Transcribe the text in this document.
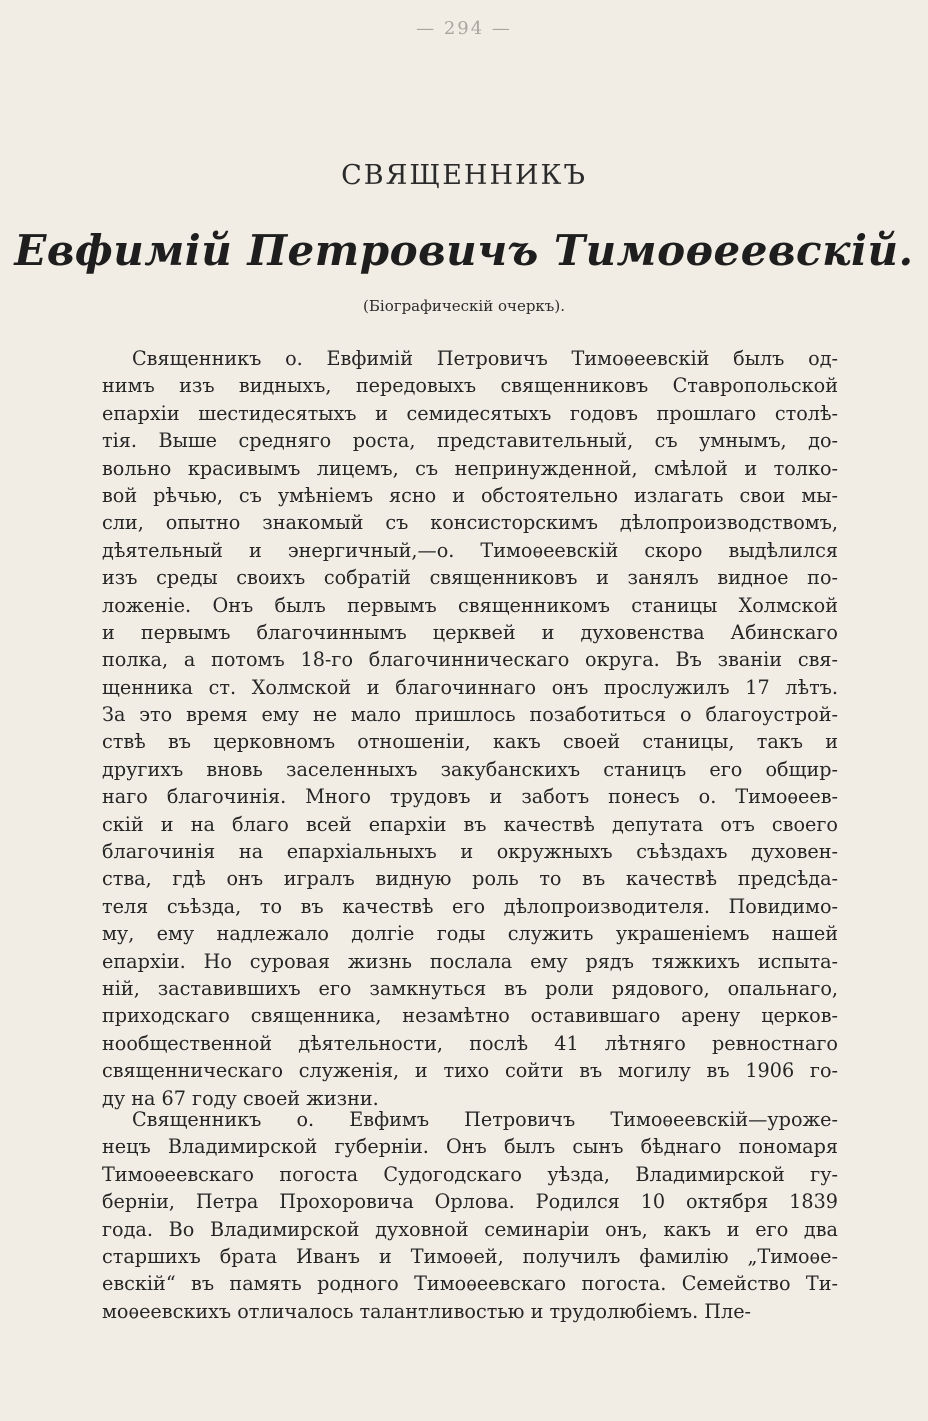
— 294 —
СВЯЩЕННИКЪ
Евфимій Петровичъ Тимоѳеевскій.
(Біографическій очеркъ).
Священникъ о. Евфимій Петровичъ Тимоѳеевскій былъ од-
нимъ изъ видныхъ, передовыхъ священниковъ Ставропольской
епархіи шестидесятыхъ и семидесятыхъ годовъ прошлаго столѣ-
тія. Выше средняго роста, представительный, съ умнымъ, до-
вольно красивымъ лицемъ, съ непринужденной, смѣлой и толко-
вой рѣчью, съ умѣніемъ ясно и обстоятельно излагать свои мы-
сли, опытно знакомый съ консисторскимъ дѣлопроизводствомъ,
дѣятельный и энергичный,—о. Тимоѳеевскій скоро выдѣлился
изъ среды своихъ собратій священниковъ и занялъ видное по-
ложеніе. Онъ былъ первымъ священникомъ станицы Холмской
и первымъ благочиннымъ церквей и духовенства Абинскаго
полка, а потомъ 18-го благочинническаго округа. Въ званіи свя-
щенника ст. Холмской и благочиннаго онъ прослужилъ 17 лѣтъ.
За это время ему не мало пришлось позаботиться о благоустрой-
ствѣ въ церковномъ отношеніи, какъ своей станицы, такъ и
другихъ вновь заселенныхъ закубанскихъ станицъ его общир-
наго благочинія. Много трудовъ и заботъ понесъ о. Тимоѳеев-
скій и на благо всей епархіи въ качествѣ депутата отъ своего
благочинія на епархіальныхъ и окружныхъ съѣздахъ духовен-
ства, гдѣ онъ игралъ видную роль то въ качествѣ предсѣда-
теля съѣзда, то въ качествѣ его дѣлопроизводителя. Повидимо-
му, ему надлежало долгіе годы служить украшеніемъ нашей
епархіи. Но суровая жизнь послала ему рядъ тяжкихъ испыта-
ній, заставившихъ его замкнуться въ роли рядового, опальнаго,
приходскаго священника, незамѣтно оставившаго арену церков-
нообщественной дѣятельности, послѣ 41 лѣтняго ревностнаго
священническаго служенія, и тихо сойти въ могилу въ 1906 го-
ду на 67 году своей жизни.
Священникъ о. Евфимъ Петровичъ Тимоѳеевскій—уроже-
нецъ Владимирской губерніи. Онъ былъ сынъ бѣднаго пономаря
Тимоѳеевскаго погоста Судогодскаго уѣзда, Владимирской гу-
берніи, Петра Прохоровича Орлова. Родился 10 октября 1839
года. Во Владимирской духовной семинаріи онъ, какъ и его два
старшихъ брата Иванъ и Тимоѳей, получилъ фамилію „Тимоѳе-
евскій“ въ память родного Тимоѳеевскаго погоста. Семейство Ти-
моѳеевскихъ отличалось талантливостью и трудолюбіемъ. Пле-
